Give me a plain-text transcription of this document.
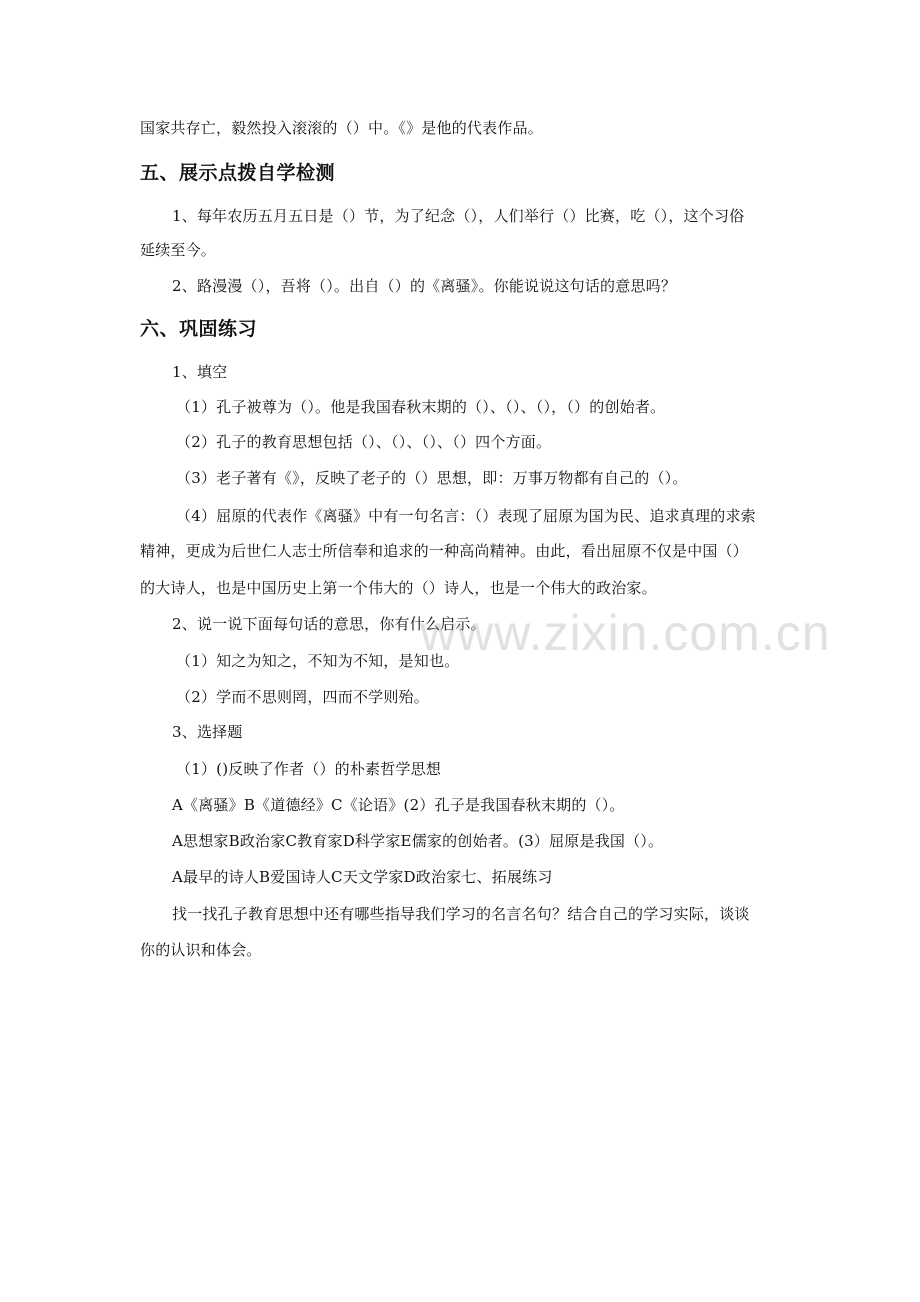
国家共存亡，毅然投入滚滚的（）中。《》是他的代表作品。
五、展示点拨自学检测
1、每年农历五月五日是（）节，为了纪念（），人们举行（）比赛，吃（），这个习俗
延续至今。
2、路漫漫（），吾将（）。出自（）的《离骚》。你能说说这句话的意思吗？
六、巩固练习
1、填空
（1）孔子被尊为（）。他是我国春秋末期的（）、（）、（），（）的创始者。
（2）孔子的教育思想包括（）、（）、（）、（）四个方面。
（3）老子著有《》，反映了老子的（）思想，即：万事万物都有自己的（）。
（4）屈原的代表作《离骚》中有一句名言：（）表现了屈原为国为民、追求真理的求索
精神，更成为后世仁人志士所信奉和追求的一种高尚精神。由此，看出屈原不仅是中国（）
的大诗人，也是中国历史上第一个伟大的（）诗人，也是一个伟大的政治家。
2、说一说下面每句话的意思，你有什么启示。
（1）知之为知之，不知为不知，是知也。
（2）学而不思则罔，四而不学则殆。
3、选择题
（1）()反映了作者（）的朴素哲学思想
A《离骚》B《道德经》C《论语》(2）孔子是我国春秋末期的（）。
A思想家B政治家C教育家D科学家E儒家的创始者。(3）屈原是我国（）。
A最早的诗人B爱国诗人C天文学家D政治家七、拓展练习
找一找孔子教育思想中还有哪些指导我们学习的名言名句？结合自己的学习实际，谈谈
你的认识和体会。
www.zixin.com.cn
